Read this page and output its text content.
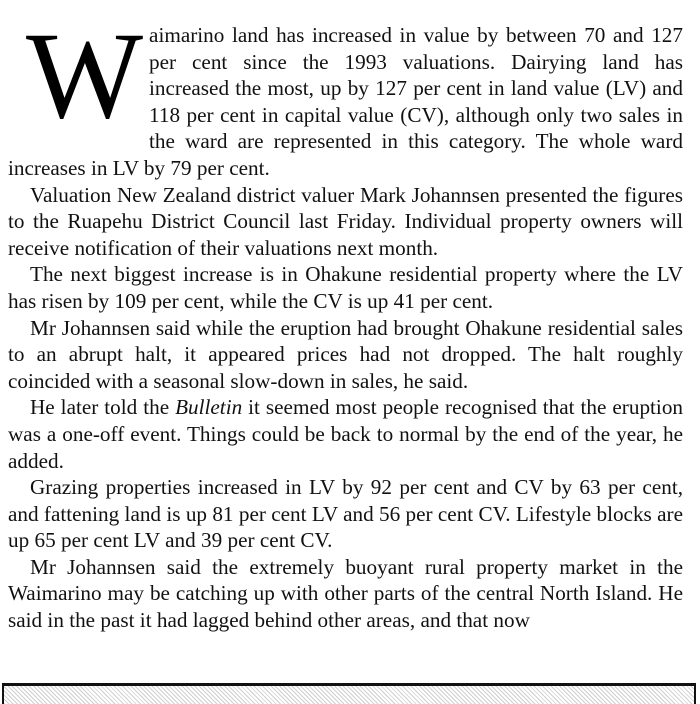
Waimarino land has increased in value by between 70 and 127 per cent since the 1993 valuations. Dairying land has increased the most, up by 127 per cent in land value (LV) and 118 per cent in capital value (CV), although only two sales in the ward are represented in this category. The whole ward increases in LV by 79 per cent.

Valuation New Zealand district valuer Mark Johannsen presented the figures to the Ruapehu District Council last Friday. Individual property owners will receive notification of their valuations next month.

The next biggest increase is in Ohakune residential property where the LV has risen by 109 per cent, while the CV is up 41 per cent.

Mr Johannsen said while the eruption had brought Ohakune residential sales to an abrupt halt, it appeared prices had not dropped. The halt roughly coincided with a seasonal slow-down in sales, he said.

He later told the Bulletin it seemed most people recognised that the eruption was a one-off event. Things could be back to normal by the end of the year, he added.

Grazing properties increased in LV by 92 per cent and CV by 63 per cent, and fattening land is up 81 per cent LV and 56 per cent CV. Lifestyle blocks are up 65 per cent LV and 39 per cent CV.

Mr Johannsen said the extremely buoyant rural property market in the Waimarino may be catching up with other parts of the central North Island. He said in the past it had lagged behind other areas, and that now
